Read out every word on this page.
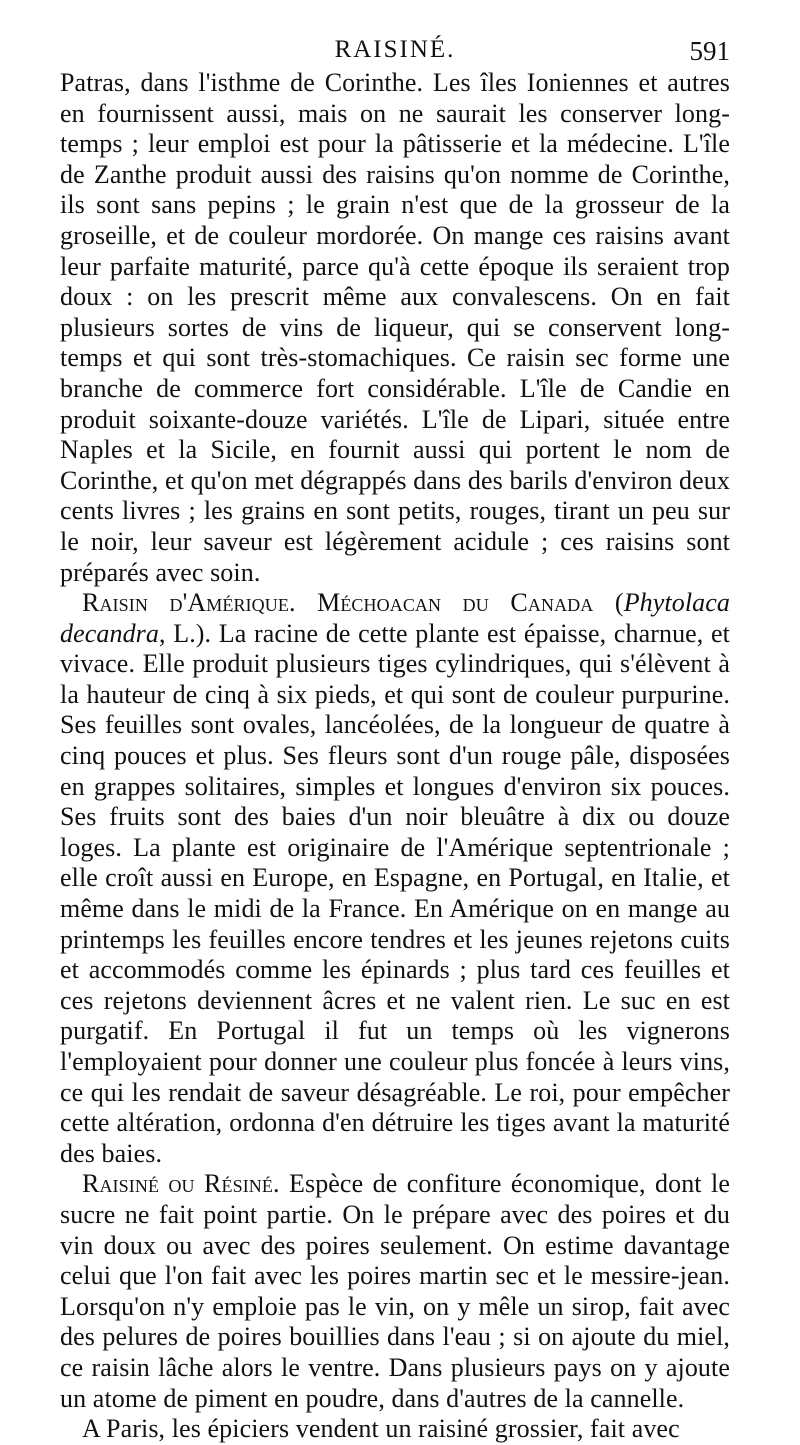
RAISINÉ.	591

Patras, dans l'isthme de Corinthe. Les îles Ioniennes et autres en fournissent aussi, mais on ne saurait les conserver long-temps ; leur emploi est pour la pâtisserie et la médecine. L'île de Zanthe produit aussi des raisins qu'on nomme de Corinthe, ils sont sans pepins ; le grain n'est que de la grosseur de la groseille, et de couleur mordorée. On mange ces raisins avant leur parfaite maturité, parce qu'à cette époque ils seraient trop doux : on les prescrit même aux convalescens. On en fait plusieurs sortes de vins de liqueur, qui se conservent long-temps et qui sont très-stomachiques. Ce raisin sec forme une branche de commerce fort considérable. L'île de Candie en produit soixante-douze variétés. L'île de Lipari, située entre Naples et la Sicile, en fournit aussi qui portent le nom de Corinthe, et qu'on met dégrappés dans des barils d'environ deux cents livres ; les grains en sont petits, rouges, tirant un peu sur le noir, leur saveur est légèrement acidule ; ces raisins sont préparés avec soin.

Raisin d'Amérique. Méchoacan du Canada (Phytolaca decandra, L.). La racine de cette plante est épaisse, charnue, et vivace. Elle produit plusieurs tiges cylindriques, qui s'élèvent à la hauteur de cinq à six pieds, et qui sont de couleur purpurine. Ses feuilles sont ovales, lancéolées, de la longueur de quatre à cinq pouces et plus. Ses fleurs sont d'un rouge pâle, disposées en grappes solitaires, simples et longues d'environ six pouces. Ses fruits sont des baies d'un noir bleuâtre à dix ou douze loges. La plante est originaire de l'Amérique septentrionale ; elle croît aussi en Europe, en Espagne, en Portugal, en Italie, et même dans le midi de la France. En Amérique on en mange au printemps les feuilles encore tendres et les jeunes rejetons cuits et accommodés comme les épinards ; plus tard ces feuilles et ces rejetons deviennent âcres et ne valent rien. Le suc en est purgatif. En Portugal il fut un temps où les vignerons l'employaient pour donner une couleur plus foncée à leurs vins, ce qui les rendait de saveur désagréable. Le roi, pour empêcher cette altération, ordonna d'en détruire les tiges avant la maturité des baies.

Raisiné ou Résiné. Espèce de confiture économique, dont le sucre ne fait point partie. On le prépare avec des poires et du vin doux ou avec des poires seulement. On estime davantage celui que l'on fait avec les poires martin sec et le messire-jean. Lorsqu'on n'y emploie pas le vin, on y mêle un sirop, fait avec des pelures de poires bouillies dans l'eau ; si on ajoute du miel, ce raisin lâche alors le ventre. Dans plusieurs pays on y ajoute un atome de piment en poudre, dans d'autres de la cannelle.

A Paris, les épiciers vendent un raisiné grossier, fait avec
